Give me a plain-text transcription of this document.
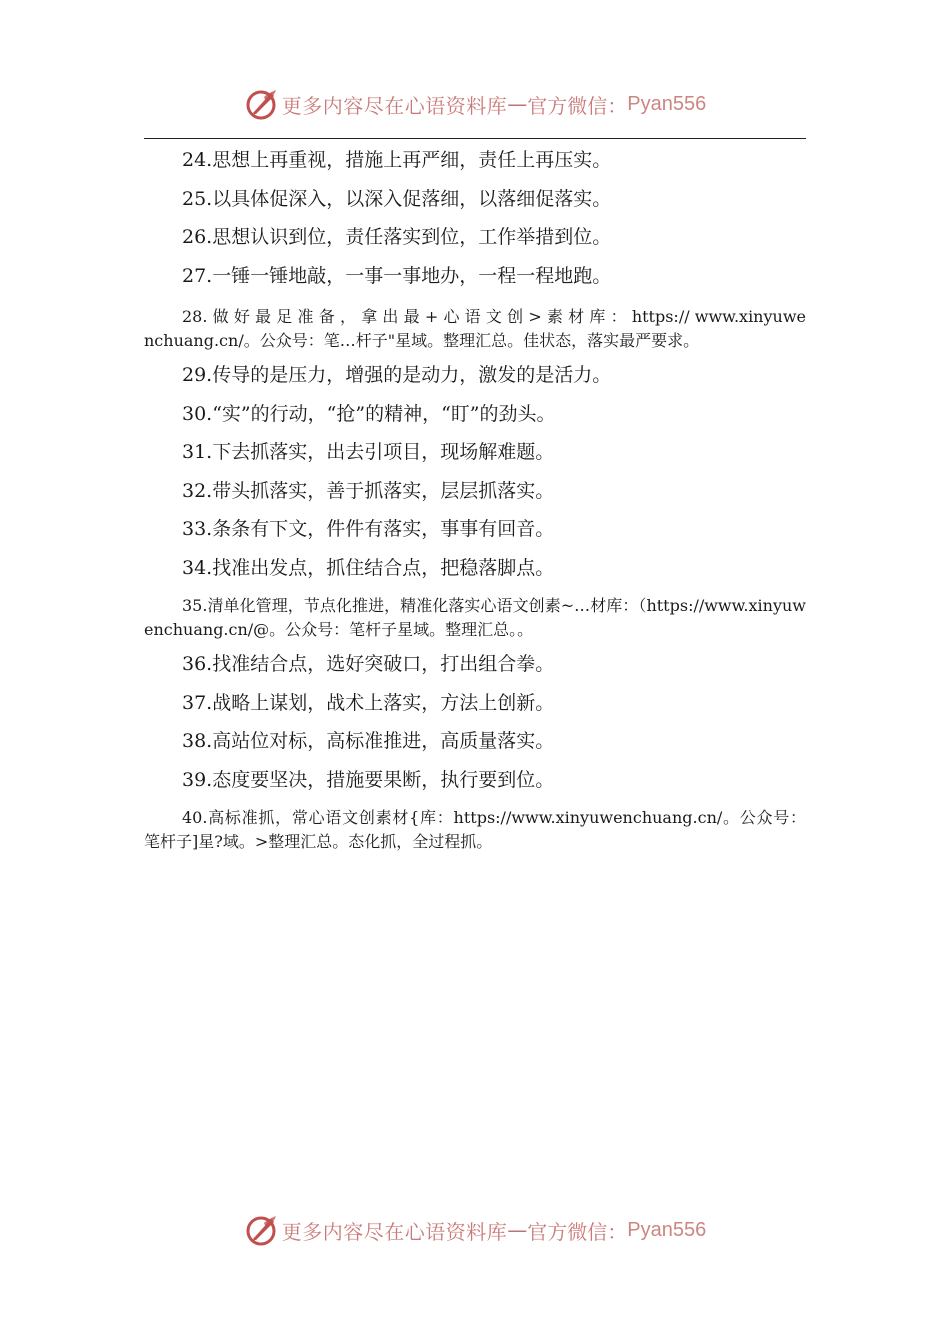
更多内容尽在心语资料库 — 官方微信： Pyan556

24.思想上再重视，措施上再严细，责任上再压实。

25.以具体促深入，以深入促落细，以落细促落实。

26.思想认识到位，责任落实到位，工作举措到位。

27.一锤一锤地敲，一事一事地办，一程一程地跑。

28. 做 好 最 足 准 备 ， 拿 出 最 + 心 语 文 创 > 素 材 库 ： https:// www.xinyuwenchuang.cn/。公众号：笔…杆子"星域。整理汇总。佳状态，落实最严要求。

29.传导的是压力，增强的是动力，激发的是活力。

30.“实”的行动，“抢”的精神，“盯”的劲头。

31.下去抓落实，出去引项目，现场解难题。

32.带头抓落实，善于抓落实，层层抓落实。

33.条条有下文，件件有落实，事事有回音。

34.找准出发点，抓住结合点，把稳落脚点。

35.清单化管理，节点化推进，精准化落实心语文创素~…材库：（https://www.xinyuwenchuang.cn/@。公众号：笔杆子星域。整理汇总。。

36.找准结合点，选好突破口，打出组合拳。

37.战略上谋划，战术上落实，方法上创新。

38.高站位对标，高标准推进，高质量落实。

39.态度要坚决，措施要果断，执行要到位。

40.高标准抓，常心语文创素材{库：https://www.xinyuwenchuang.cn/。公众号：笔杆子]星?域。>整理汇总。态化抓，全过程抓。

更多内容尽在心语资料库 — 官方微信： Pyan556
